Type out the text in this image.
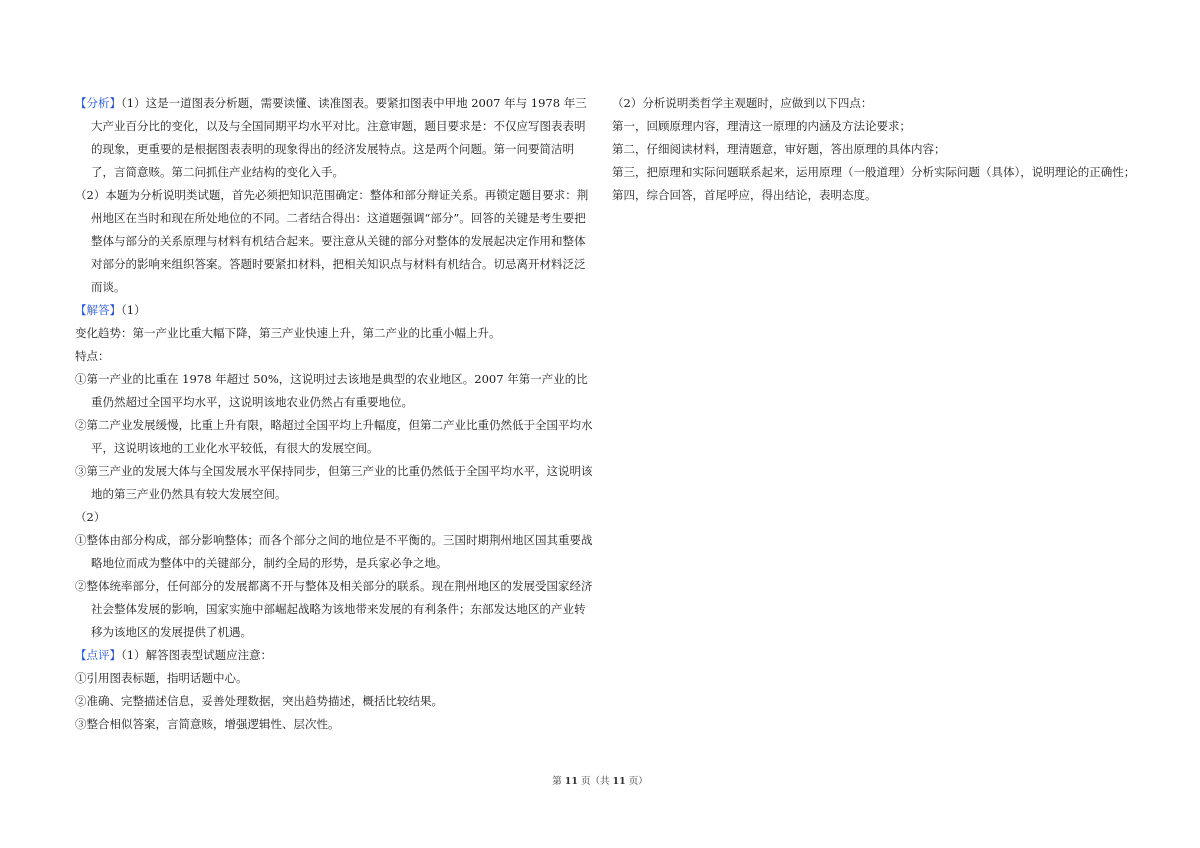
【分析】（1）这是一道图表分析题，需要读懂、读准图表。要紧扣图表中甲地 2007 年与 1978 年三大产业百分比的变化，以及与全国同期平均水平对比。注意审题，题目要求是：不仅应写图表表明的现象，更重要的是根据图表表明的现象得出的经济发展特点。这是两个问题。第一问要简洁明了，言简意赅。第二问抓住产业结构的变化入手。

（2）本题为分析说明类试题，首先必须把知识范围确定：整体和部分辩证关系。再锁定题目要求：荆州地区在当时和现在所处地位的不同。二者结合得出：这道题强调“部分”。回答的关键是考生要把整体与部分的关系原理与材料有机结合起来。要注意从关键的部分对整体的发展起决定作用和整体对部分的影响来组织答案。答题时要紧扣材料，把相关知识点与材料有机结合。切忌离开材料泛泛而谈。

【解答】（1）

变化趋势：第一产业比重大幅下降，第三产业快速上升，第二产业的比重小幅上升。

特点：

①第一产业的比重在 1978 年超过 50%，这说明过去该地是典型的农业地区。2007 年第一产业的比重仍然超过全国平均水平，这说明该地农业仍然占有重要地位。

②第二产业发展缓慢，比重上升有限，略超过全国平均上升幅度，但第二产业比重仍然低于全国平均水平，这说明该地的工业化水平较低，有很大的发展空间。

③第三产业的发展大体与全国发展水平保持同步，但第三产业的比重仍然低于全国平均水平，这说明该地的第三产业仍然具有较大发展空间。

（2）

①整体由部分构成，部分影响整体；而各个部分之间的地位是不平衡的。三国时期荆州地区国其重要战略地位而成为整体中的关键部分，制约全局的形势，是兵家必争之地。

②整体统率部分，任何部分的发展都离不开与整体及相关部分的联系。现在荆州地区的发展受国家经济社会整体发展的影响，国家实施中部崛起战略为该地带来发展的有利条件；东部发达地区的产业转移为该地区的发展提供了机遇。

【点评】（1）解答图表型试题应注意：

①引用图表标题，指明话题中心。

②准确、完整描述信息，妥善处理数据，突出趋势描述，概括比较结果。

③整合相似答案，言简意赅，增强逻辑性、层次性。

（2）分析说明类哲学主观题时，应做到以下四点：

第一，回顾原理内容，理清这一原理的内涵及方法论要求；

第二，仔细阅读材料，理清题意，审好题，答出原理的具体内容；

第三，把原理和实际问题联系起来，运用原理（一般道理）分析实际问题（具体），说明理论的正确性；

第四，综合回答，首尾呼应，得出结论，表明态度。

第 11 页（共 11 页）
